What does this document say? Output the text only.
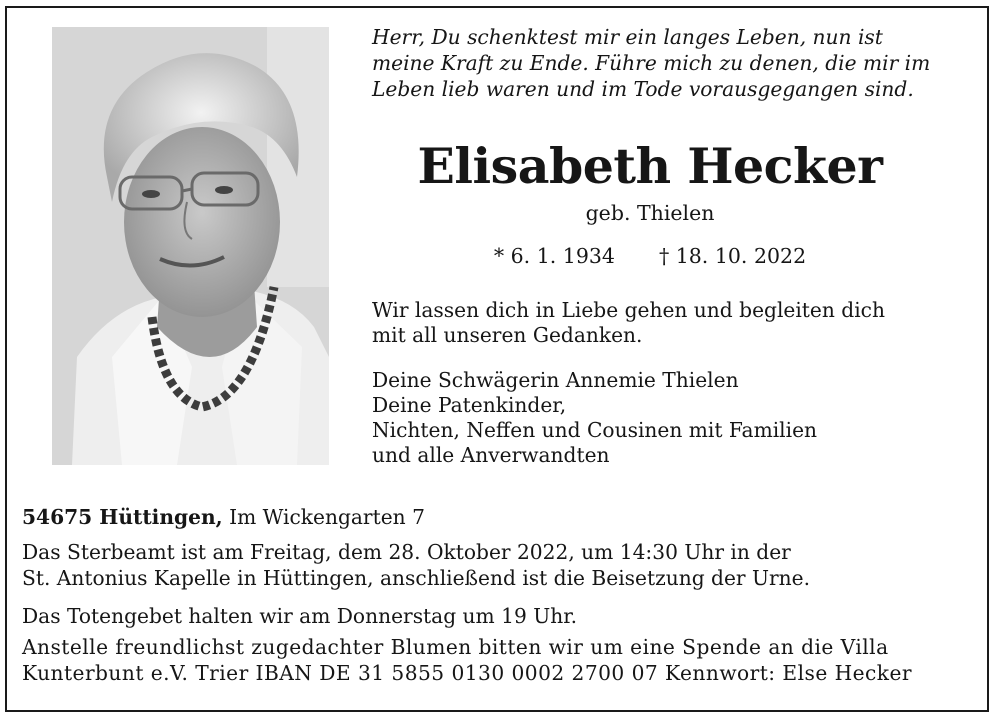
Herr, Du schenktest mir ein langes Leben, nun ist
meine Kraft zu Ende. Führe mich zu denen, die mir im
Leben lieb waren und im Tode vorausgegangen sind.
Elisabeth Hecker
geb. Thielen
* 6. 1. 1934 † 18. 10. 2022
Wir lassen dich in Liebe gehen und begleiten dich
mit all unseren Gedanken.
Deine Schwägerin Annemie Thielen
Deine Patenkinder,
Nichten, Neffen und Cousinen mit Familien
und alle Anverwandten
54675 Hüttingen, Im Wickengarten 7
Das Sterbeamt ist am Freitag, dem 28. Oktober 2022, um 14:30 Uhr in der
St. Antonius Kapelle in Hüttingen, anschließend ist die Beisetzung der Urne.
Das Totengebet halten wir am Donnerstag um 19 Uhr.
Anstelle freundlichst zugedachter Blumen bitten wir um eine Spende an die Villa
Kunterbunt e.V. Trier IBAN DE 31 5855 0130 0002 2700 07 Kennwort: Else Hecker
